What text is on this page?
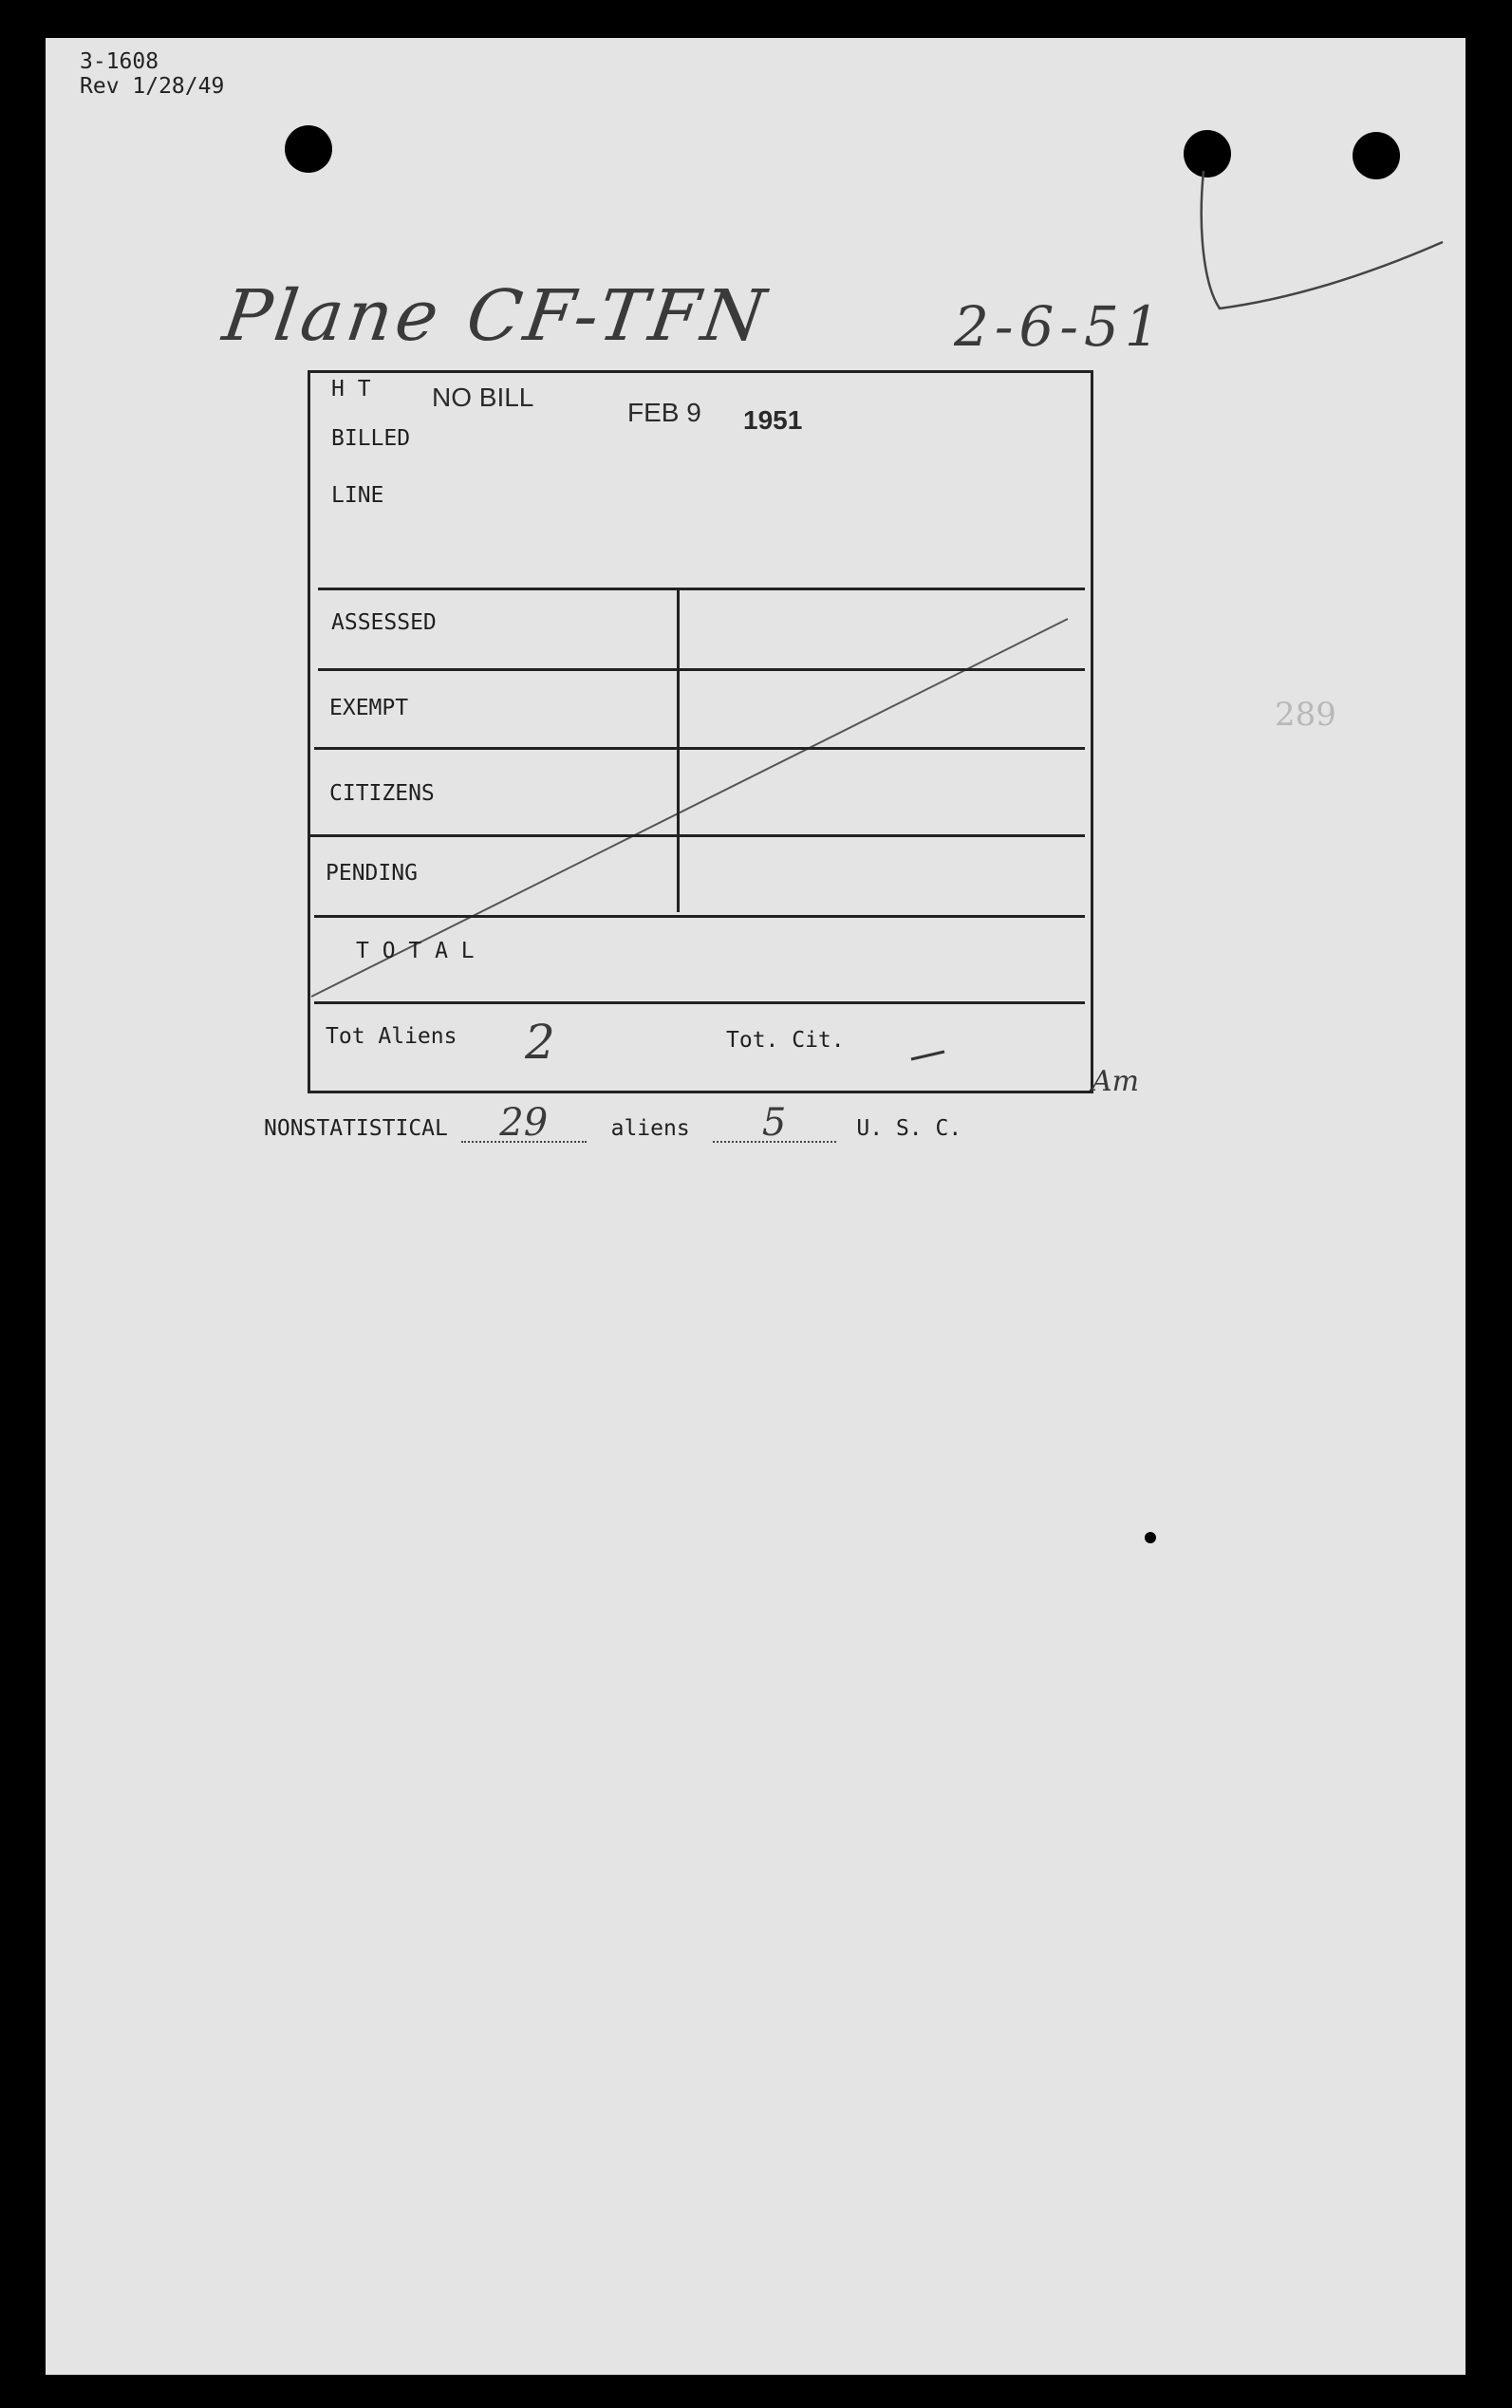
3-1608
Rev 1/28/49
Plane CF-TFN	2-6-51
H T
BILLED
LINE
NO BILL
FEB 9 1951
ASSESSED
EXEMPT
CITIZENS
PENDING
T O T A L
Tot Aliens 2	Tot. Cit.
Am
NONSTATISTICAL 29	aliens 5	U. S. C.
289
